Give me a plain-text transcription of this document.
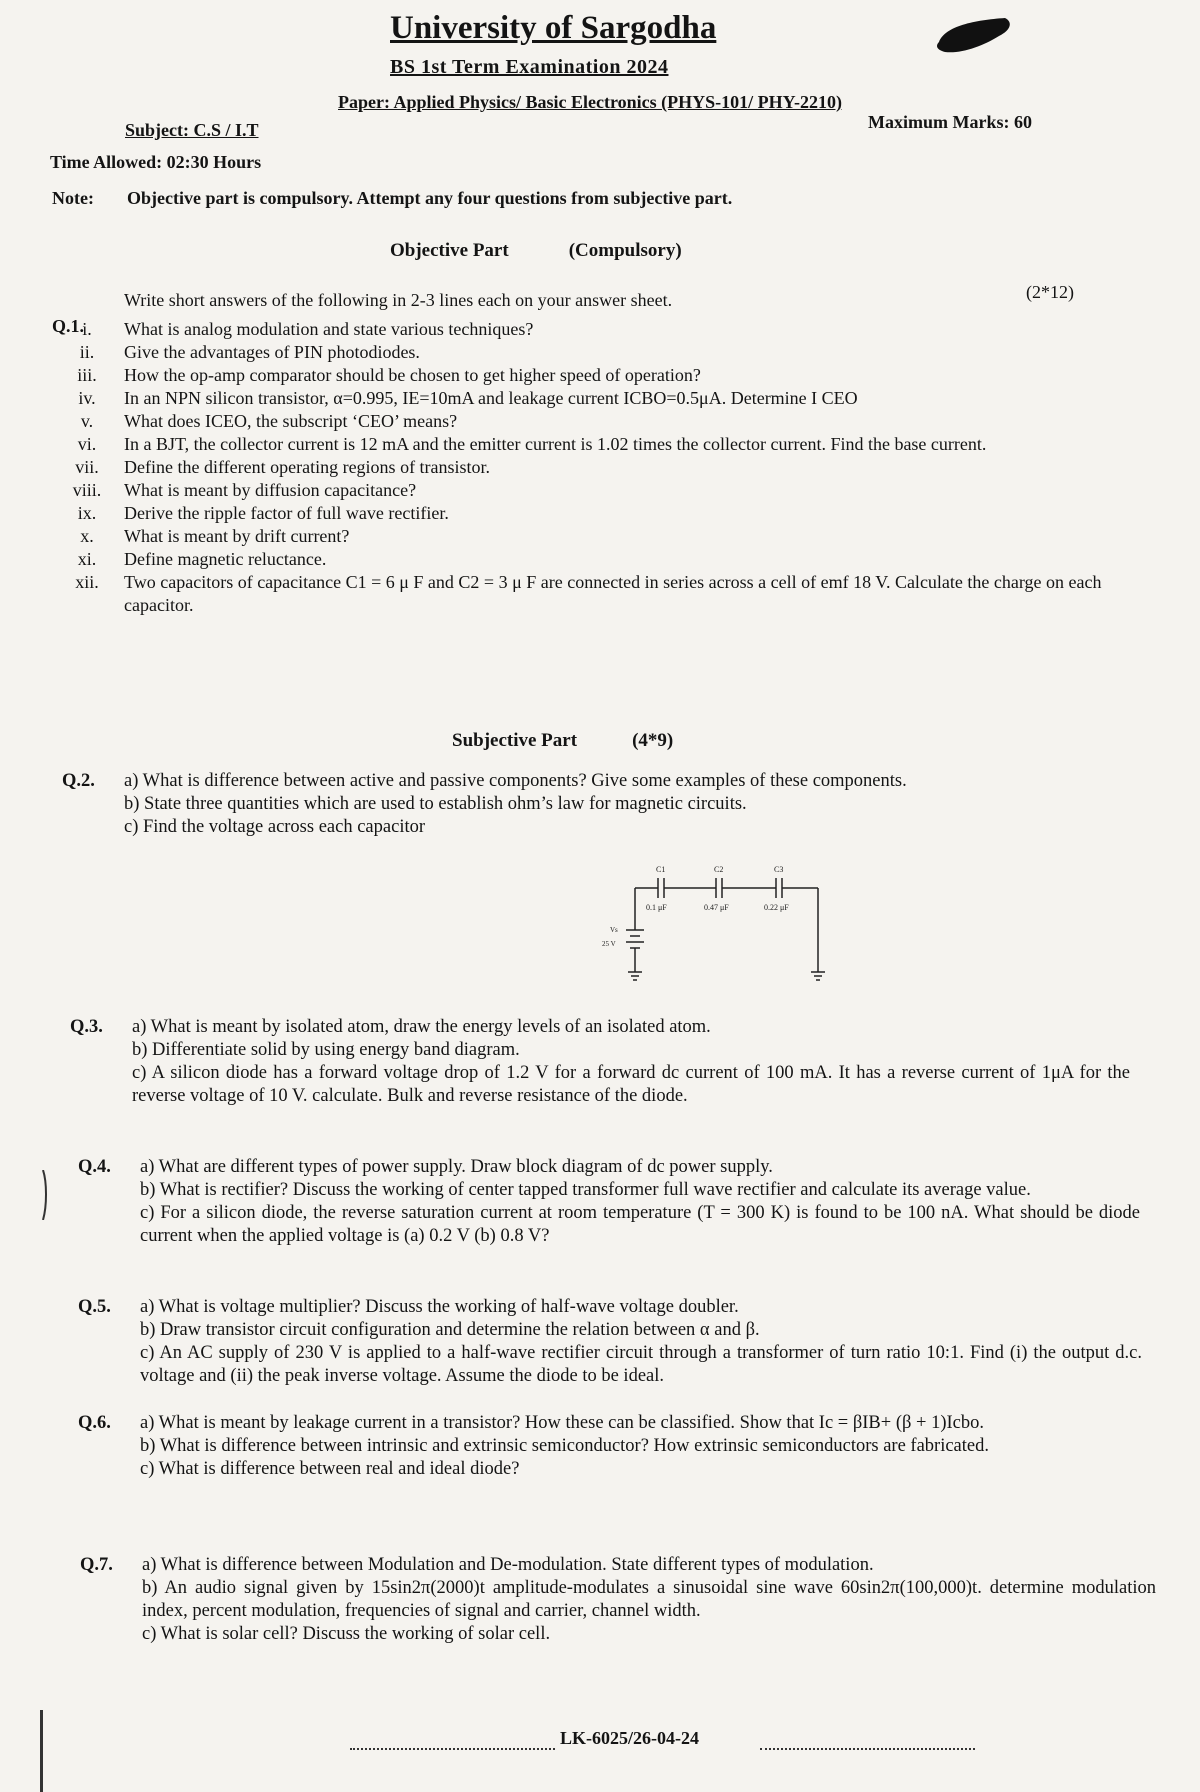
University of Sargodha
BS 1st Term Examination 2024
Paper: Applied Physics/ Basic Electronics (PHYS-101/ PHY-2210)
Subject: C.S / I.T	Maximum Marks: 60
Time Allowed: 02:30 Hours
Note: Objective part is compulsory. Attempt any four questions from subjective part.
Objective Part	(Compulsory)
Write short answers of the following in 2-3 lines each on your answer sheet.	(2*12)
Q.1.
i.	What is analog modulation and state various techniques?
ii.	Give the advantages of PIN photodiodes.
iii.	How the op-amp comparator should be chosen to get higher speed of operation?
iv.	In an NPN silicon transistor, α=0.995, IE=10mA and leakage current ICBO=0.5μA. Determine I CEO
v.	What does ICEO, the subscript ‘CEO’ means?
vi.	In a BJT, the collector current is 12 mA and the emitter current is 1.02 times the collector current. Find the base current.
vii.	Define the different operating regions of transistor.
viii.	What is meant by diffusion capacitance?
ix.	Derive the ripple factor of full wave rectifier.
x.	What is meant by drift current?
xi.	Define magnetic reluctance.
xii.	Two capacitors of capacitance C1 = 6 μ F and C2 = 3 μ F are connected in series across a cell of emf 18 V. Calculate the charge on each capacitor.
Subjective Part	(4*9)
Q.2.	a) What is difference between active and passive components? Give some examples of these components.

b) State three quantities which are used to establish ohm’s law for magnetic circuits.

c) Find the voltage across each capacitor

C1	C2	C3
0.1 μF	0.47 μF	0.22 μF
Vs
25 V
Q.3.	a) What is meant by isolated atom, draw the energy levels of an isolated atom.

b) Differentiate solid by using energy band diagram.

c) A silicon diode has a forward voltage drop of 1.2 V for a forward dc current of 100 mA. It has a reverse current of 1μA for the reverse voltage of 10 V. calculate. Bulk and reverse resistance of the diode.

Q.4.	a) What are different types of power supply. Draw block diagram of dc power supply.

b) What is rectifier? Discuss the working of center tapped transformer full wave rectifier and calculate its average value.

c) For a silicon diode, the reverse saturation current at room temperature (T = 300 K) is found to be 100 nA. What should be diode current when the applied voltage is (a) 0.2 V (b) 0.8 V?

Q.5.	a) What is voltage multiplier? Discuss the working of half-wave voltage doubler.

b) Draw transistor circuit configuration and determine the relation between α and β.

c) An AC supply of 230 V is applied to a half-wave rectifier circuit through a transformer of turn ratio 10:1. Find (i) the output d.c. voltage and (ii) the peak inverse voltage. Assume the diode to be ideal.

Q.6.	a) What is meant by leakage current in a transistor? How these can be classified. Show that Ic = βIB+ (β + 1)Icbo.

b) What is difference between intrinsic and extrinsic semiconductor? How extrinsic semiconductors are fabricated.

c) What is difference between real and ideal diode?

Q.7.	a) What is difference between Modulation and De-modulation. State different types of modulation.

b) An audio signal given by 15sin2π(2000)t amplitude-modulates a sinusoidal sine wave 60sin2π(100,000)t. determine modulation index, percent modulation, frequencies of signal and carrier, channel width.

c) What is solar cell? Discuss the working of solar cell.

LK-6025/26-04-24
